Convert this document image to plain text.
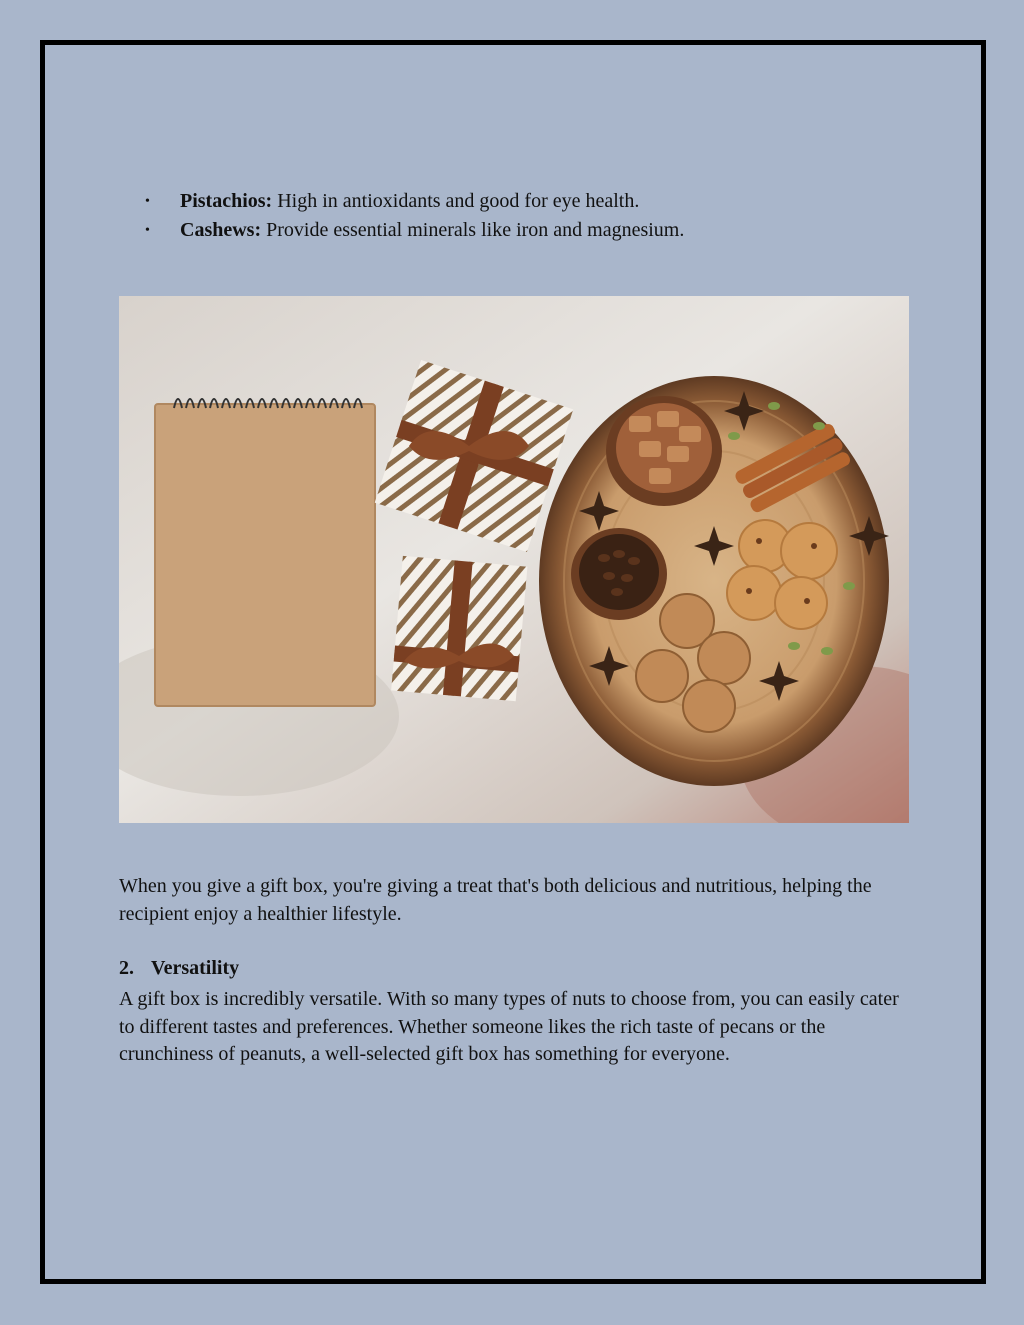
• Pistachios: High in antioxidants and good for eye health.
• Cashews: Provide essential minerals like iron and magnesium.

When you give a gift box, you're giving a treat that's both delicious and nutritious, helping the recipient enjoy a healthier lifestyle.

2. Versatility

A gift box is incredibly versatile. With so many types of nuts to choose from, you can easily cater to different tastes and preferences. Whether someone likes the rich taste of pecans or the crunchiness of peanuts, a well-selected gift box has something for everyone.
